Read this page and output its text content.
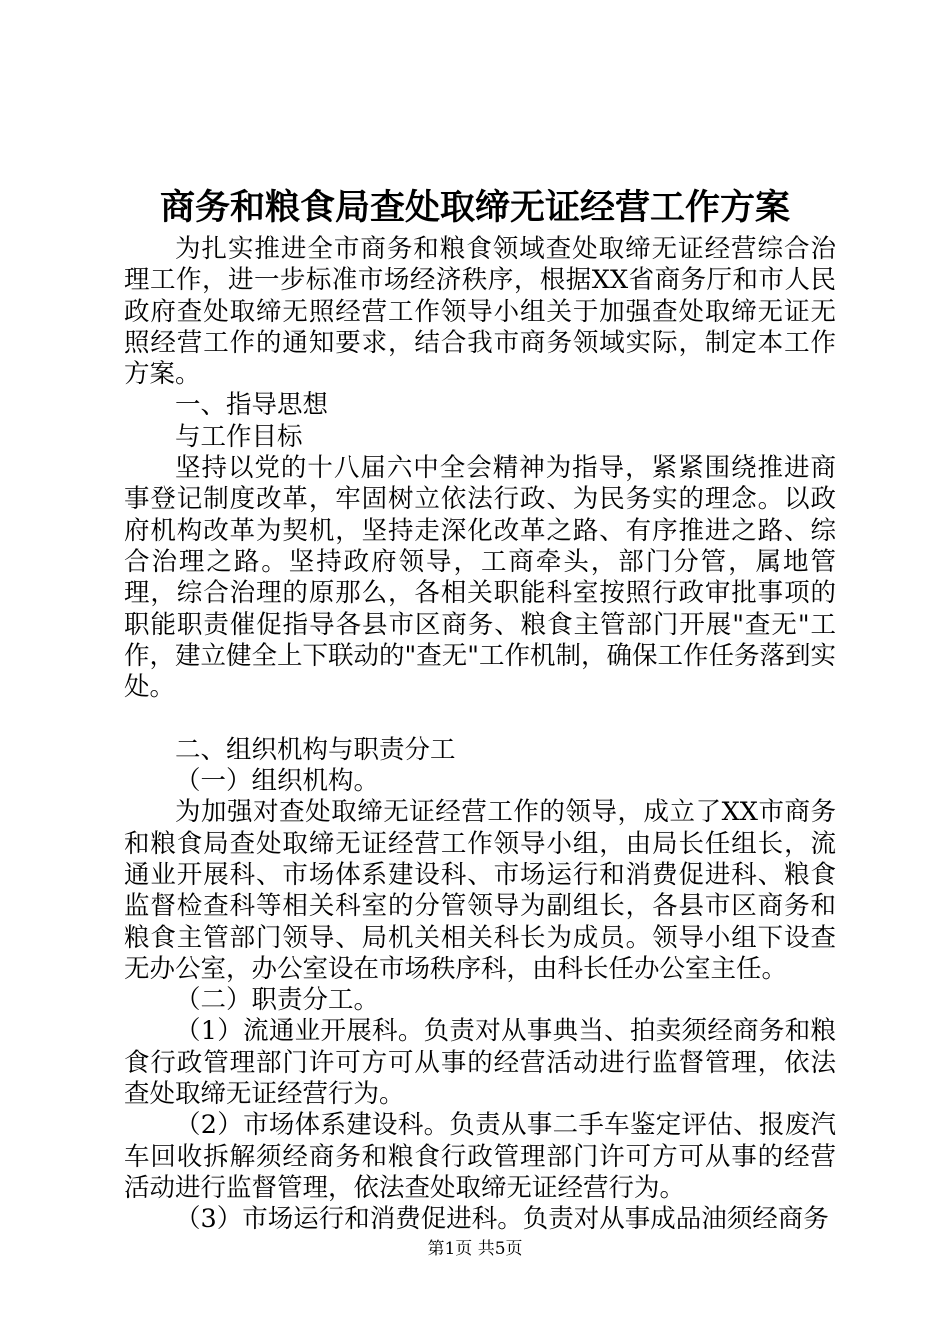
商务和粮食局查处取缔无证经营工作方案

为扎实推进全市商务和粮食领域查处取缔无证经营综合治理工作，进一步标准市场经济秩序，根据XX省商务厅和市人民政府查处取缔无照经营工作领导小组关于加强查处取缔无证无照经营工作的通知要求，结合我市商务领域实际，制定本工作方案。

一、指导思想

与工作目标

坚持以党的十八届六中全会精神为指导，紧紧围绕推进商事登记制度改革，牢固树立依法行政、为民务实的理念。以政府机构改革为契机，坚持走深化改革之路、有序推进之路、综合治理之路。坚持政府领导，工商牵头，部门分管，属地管理，综合治理的原那么，各相关职能科室按照行政审批事项的职能职责催促指导各县市区商务、粮食主管部门开展"查无"工作，建立健全上下联动的"查无"工作机制，确保工作任务落到实处。

二、组织机构与职责分工

（一）组织机构。

为加强对查处取缔无证经营工作的领导，成立了XX市商务和粮食局查处取缔无证经营工作领导小组，由局长任组长，流通业开展科、市场体系建设科、市场运行和消费促进科、粮食监督检查科等相关科室的分管领导为副组长，各县市区商务和粮食主管部门领导、局机关相关科长为成员。领导小组下设查无办公室，办公室设在市场秩序科，由科长任办公室主任。

（二）职责分工。

（1）流通业开展科。负责对从事典当、拍卖须经商务和粮食行政管理部门许可方可从事的经营活动进行监督管理，依法查处取缔无证经营行为。

（2）市场体系建设科。负责从事二手车鉴定评估、报废汽车回收拆解须经商务和粮食行政管理部门许可方可从事的经营活动进行监督管理，依法查处取缔无证经营行为。

（3）市场运行和消费促进科。负责对从事成品油须经商务

第1页 共5页
